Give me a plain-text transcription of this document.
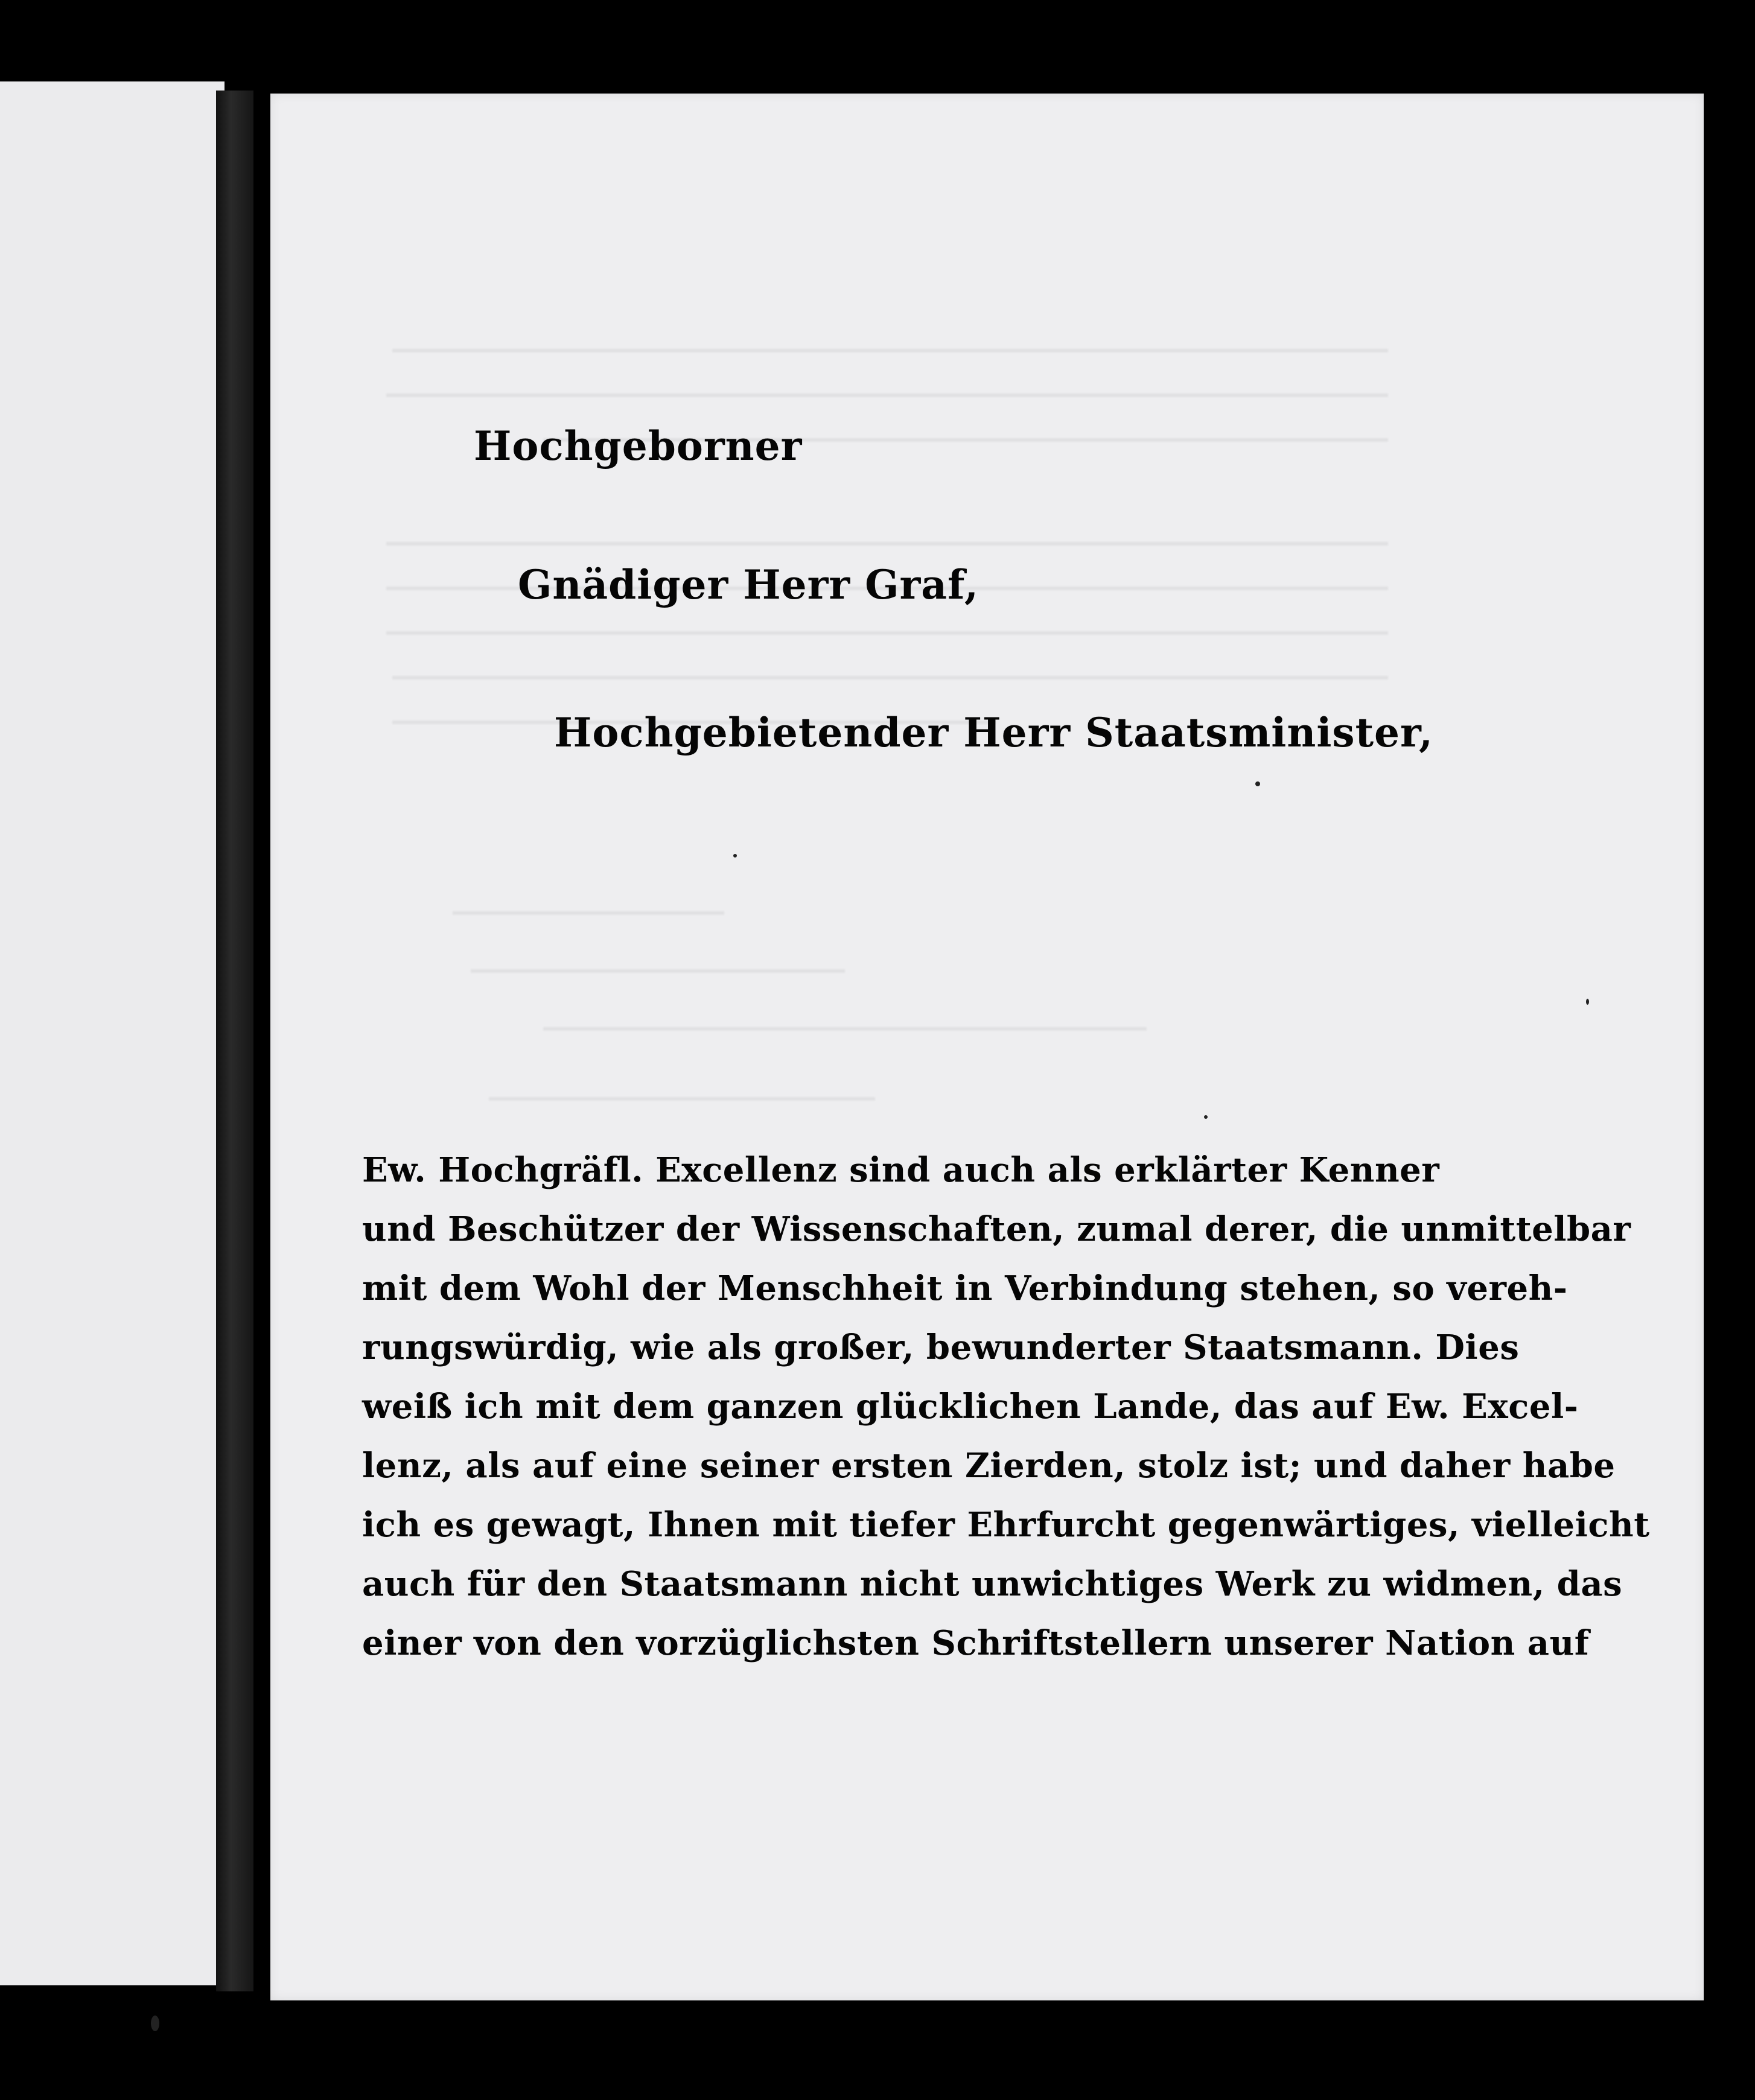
Hochgeborner
Gnädiger Herr Graf,
Hochgebietender Herr Staatsminister,
Ew. Hochgräfl. Excellenz sind auch als erklärter Kenner
und Beschützer der Wissenschaften, zumal derer, die unmittelbar
mit dem Wohl der Menschheit in Verbindung stehen, so vereh-
rungswürdig, wie als großer, bewunderter Staatsmann. Dies
weiß ich mit dem ganzen glücklichen Lande, das auf Ew. Excel-
lenz, als auf eine seiner ersten Zierden, stolz ist; und daher habe
ich es gewagt, Ihnen mit tiefer Ehrfurcht gegenwärtiges, vielleicht
auch für den Staatsmann nicht unwichtiges Werk zu widmen, das
einer von den vorzüglichsten Schriftstellern unserer Nation auf
